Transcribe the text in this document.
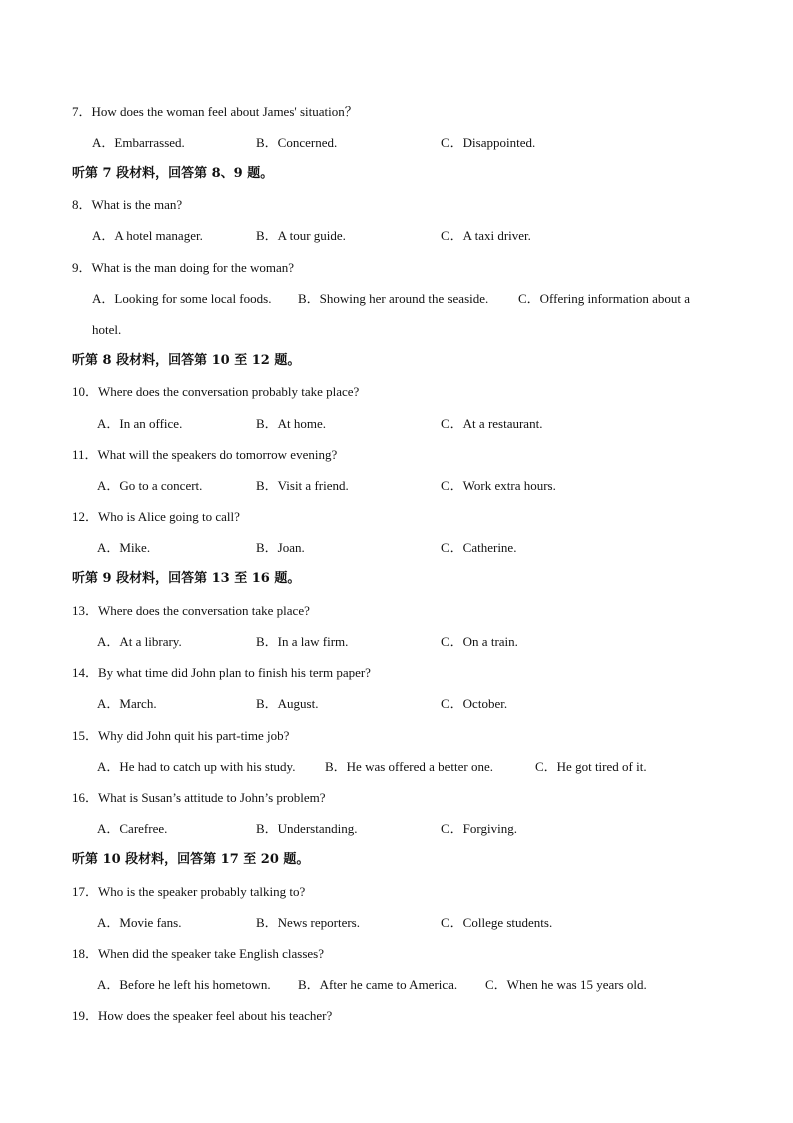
7．How does the woman feel about James' situation？
A．Embarrassed.	B．Concerned.	C．Disappointed.
听第 7 段材料，回答第 8、9 题。
8．What is the man?
A．A hotel manager.	B．A tour guide.	C．A taxi driver.
9．What is the man doing for the woman?
A．Looking for some local foods. B．Showing her around the seaside. C．Offering information about a
hotel.
听第 8 段材料，回答第 10 至 12 题。
10．Where does the conversation probably take place?
A．In an office.	B．At home.	C．At a restaurant.
11．What will the speakers do tomorrow evening?
A．Go to a concert.	B．Visit a friend.	C．Work extra hours.
12．Who is Alice going to call?
A．Mike.	B．Joan.	C．Catherine.
听第 9 段材料，回答第 13 至 16 题。
13．Where does the conversation take place?
A．At a library.	B．In a law firm.	C．On a train.
14．By what time did John plan to finish his term paper?
A．March.	B．August.	C．October.
15．Why did John quit his part-time job?
A．He had to catch up with his study. B．He was offered a better one.	C．He got tired of it.
16．What is Susan’s attitude to John’s problem?
A．Carefree.	B．Understanding.	C．Forgiving.
听第 10 段材料，回答第 17 至 20 题。
17．Who is the speaker probably talking to?
A．Movie fans.	B．News reporters.	C．College students.
18．When did the speaker take English classes?
A．Before he left his hometown. B．After he came to America. C．When he was 15 years old.
19．How does the speaker feel about his teacher?
